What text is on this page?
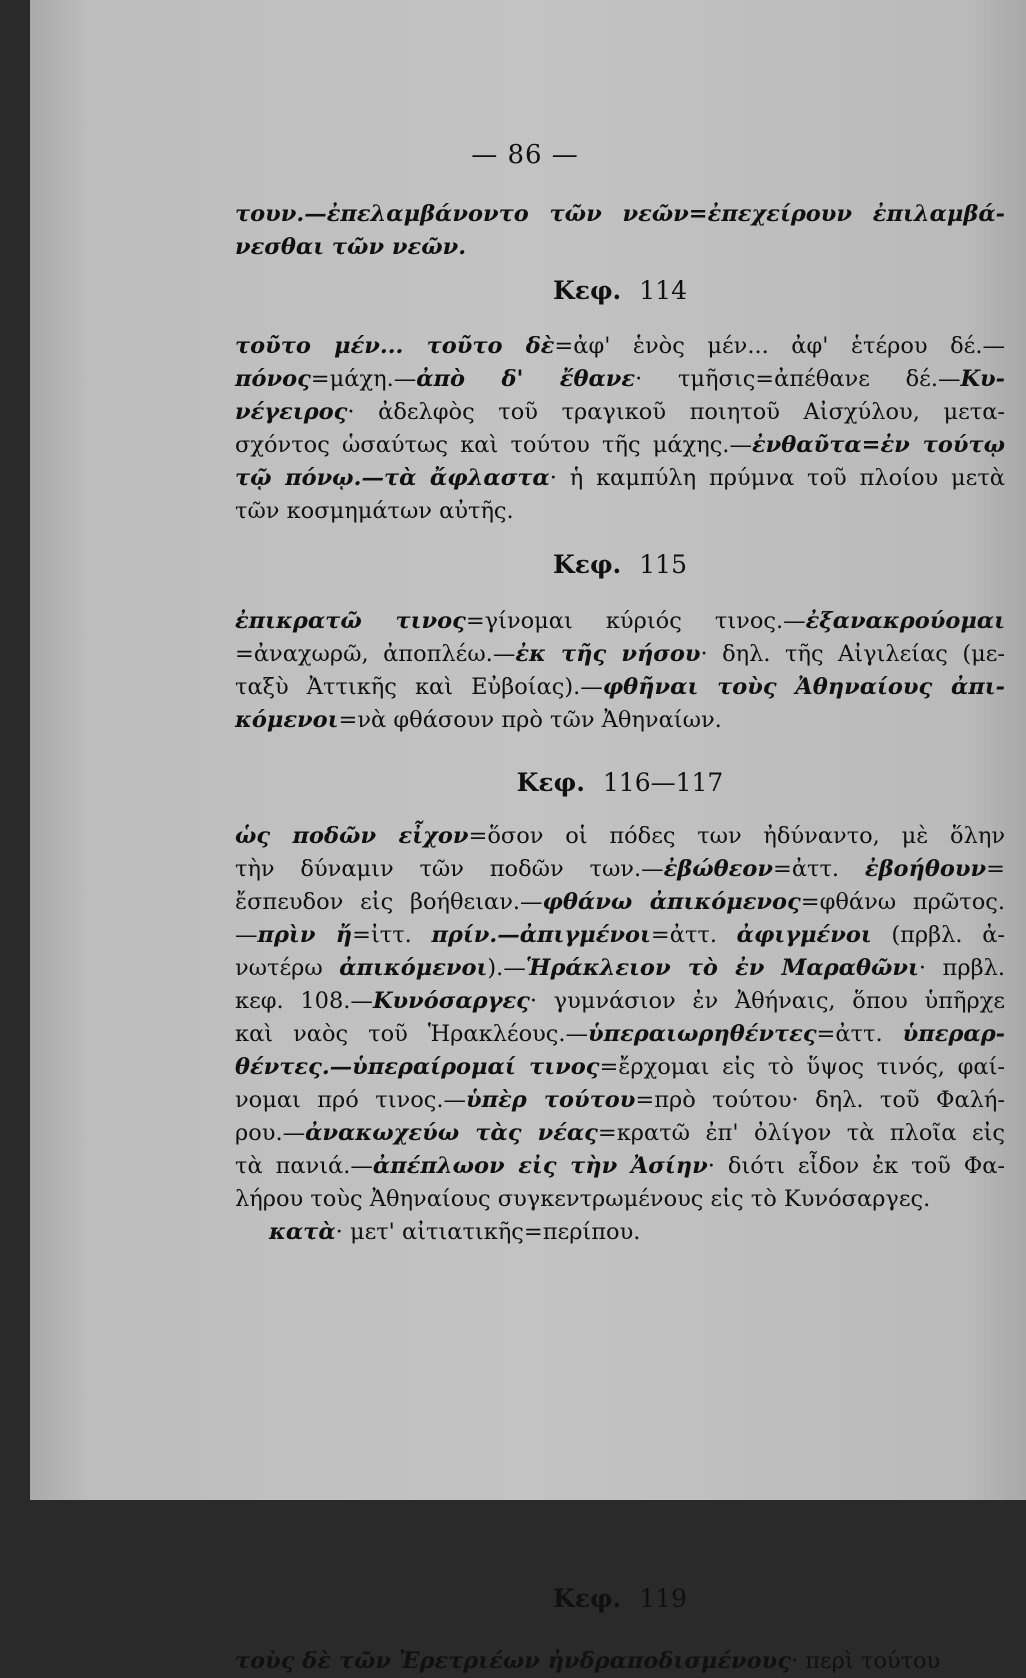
— 86 —
τουν.—ἐπελαμβάνοντο τῶν νεῶν=ἐπεχείρουν ἐπιλαμβά-
νεσθαι τῶν νεῶν.
Κεφ. 114
τοῦτο μέν... τοῦτο δὲ=ἀφ' ἑνὸς μέν... ἀφ' ἑτέρου δέ.—
πόνος=μάχη.—ἀπὸ δ' ἔθανε· τμῆσις=ἀπέθανε δέ.—Κυ-
νέγειρος· ἀδελφὸς τοῦ τραγικοῦ ποιητοῦ Αἰσχύλου, μετα-
σχόντος ὡσαύτως καὶ τούτου τῆς μάχης.—ἐνθαῦτα=ἐν τούτῳ
τῷ πόνῳ.—τὰ ἄφλαστα· ἡ καμπύλη πρύμνα τοῦ πλοίου μετὰ
τῶν κοσμημάτων αὐτῆς.
Κεφ. 115
ἐπικρατῶ τινος=γίνομαι κύριός τινος.—ἐξανακρούομαι
=ἀναχωρῶ, ἀποπλέω.—ἐκ τῆς νήσου· δηλ. τῆς Αἰγιλείας (με-
ταξὺ Ἀττικῆς καὶ Εὐβοίας).—φθῆναι τοὺς Ἀθηναίους ἀπι-
κόμενοι=νὰ φθάσουν πρὸ τῶν Ἀθηναίων.
Κεφ. 116—117
ὡς ποδῶν εἶχον=ὅσον οἱ πόδες των ἠδύναντο, μὲ ὅλην
τὴν δύναμιν τῶν ποδῶν των.—ἐβώθεον=ἀττ. ἐβοήθουν=
ἔσπευδον εἰς βοήθειαν.—φθάνω ἀπικόμενος=φθάνω πρῶτος.
—πρὶν ἤ=ἰττ. πρίν.—ἀπιγμένοι=ἀττ. ἀφιγμένοι (πρβλ. ἀ-
νωτέρω ἀπικόμενοι).—Ἡράκλειον τὸ ἐν Μαραθῶνι· πρβλ.
κεφ. 108.—Κυνόσαργες· γυμνάσιον ἐν Ἀθήναις, ὅπου ὑπῆρχε
καὶ ναὸς τοῦ Ἡρακλέους.—ὑπεραιωρηθέντες=ἀττ. ὑπεραρ-
θέντες.—ὑπεραίρομαί τινος=ἔρχομαι εἰς τὸ ὕψος τινός, φαί-
νομαι πρό τινος.—ὑπὲρ τούτου=πρὸ τούτου· δηλ. τοῦ Φαλή-
ρου.—ἀνακωχεύω τὰς νέας=κρατῶ ἐπ' ὀλίγον τὰ πλοῖα εἰς
τὰ πανιά.—ἀπέπλωον εἰς τὴν Ἀσίην· διότι εἶδον ἐκ τοῦ Φα-
λήρου τοὺς Ἀθηναίους συγκεντρωμένους εἰς τὸ Κυνόσαργες.
κατὰ· μετ' αἰτιατικῆς=περίπου.
Κεφ. 119
τοὺς δὲ τῶν Ἐρετριέων ἠνδραποδισμένους· περὶ τούτου
